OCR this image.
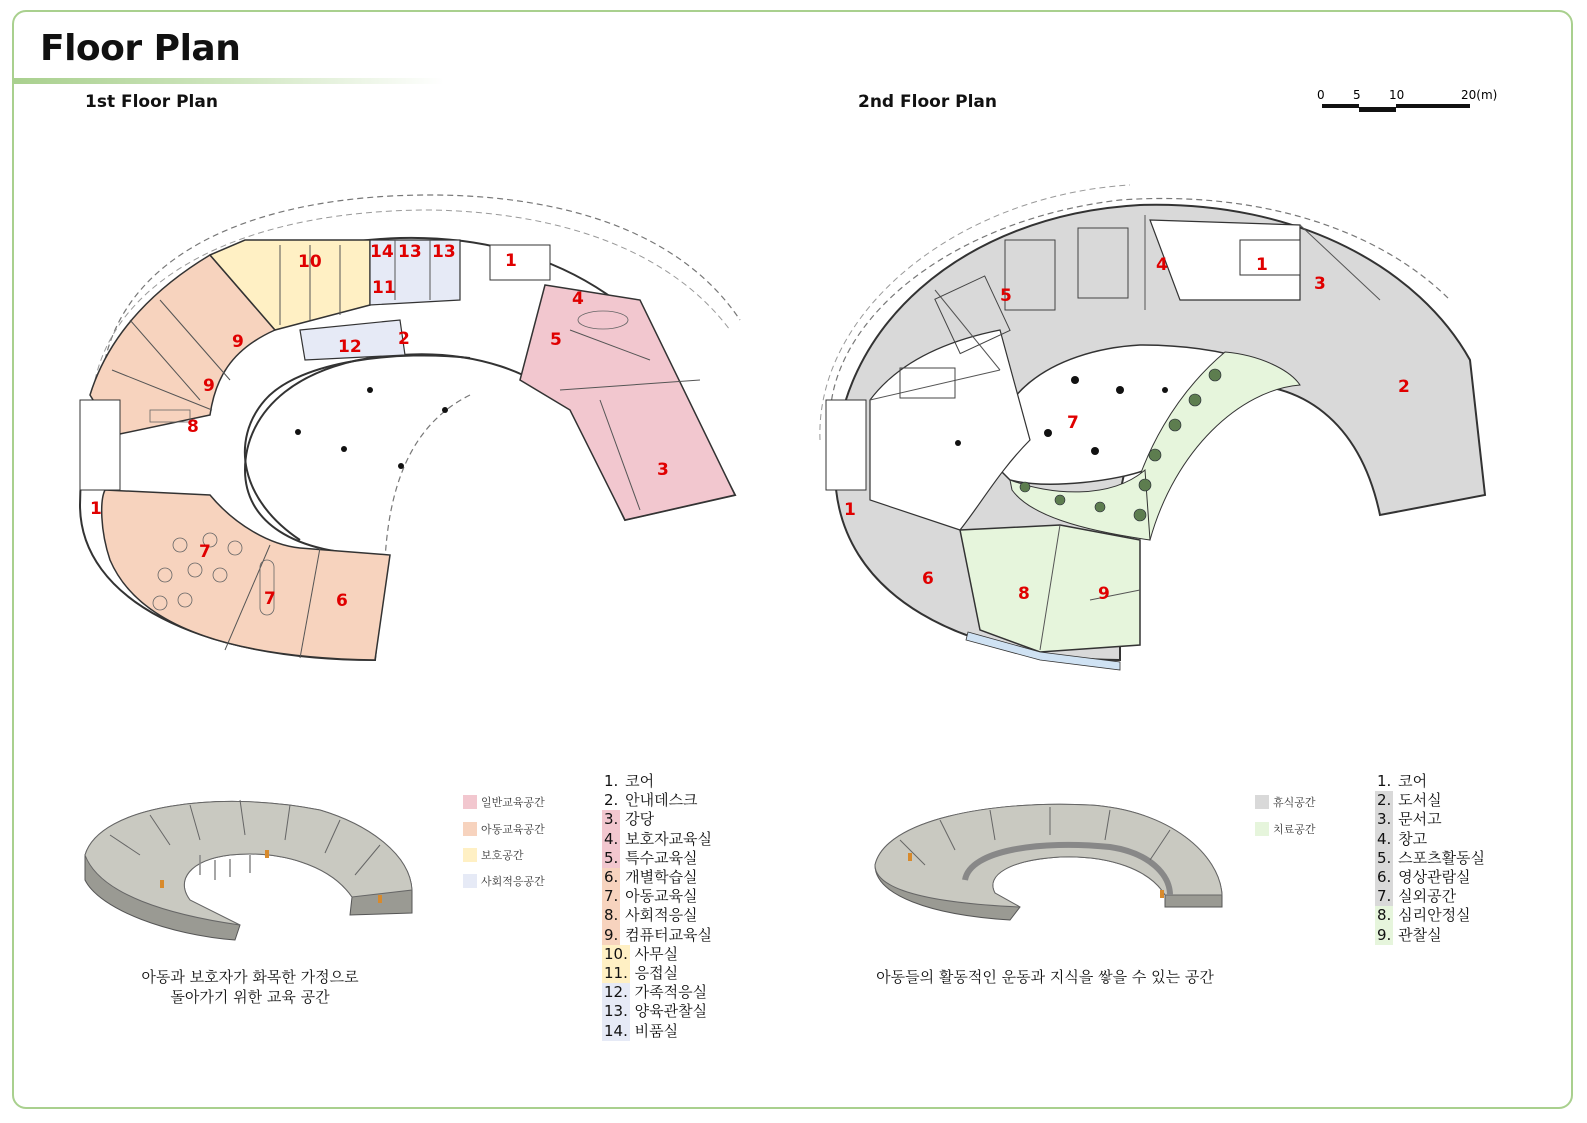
Floor Plan
1st Floor Plan	2nd Floor Plan	0 5 10	20(m)
10	14 13 13	1
11
12 2
4
5
9
9
8
1
7
7	6
3
4	1
3
5
2
7
1
6
8	9
일반교육공간
아동교육공간
보호공간
사회적응공간
휴식공간
치료공간
1. 코어
2. 안내데스크
3. 강당
4. 보호자교육실
5. 특수교육실
6. 개별학습실
7. 아동교육실
8. 사회적응실
9. 컴퓨터교육실
10. 사무실
11. 응접실
12. 가족적응실
13. 양육관찰실
14. 비품실
1. 코어
2. 도서실
3. 문서고
4. 창고
5. 스포츠활동실
6. 영상관람실
7. 실외공간
8. 심리안정실
9. 관찰실
아동과 보호자가 화목한 가정으로
돌아가기 위한 교육 공간
아동들의 활동적인 운동과 지식을 쌓을 수 있는 공간
